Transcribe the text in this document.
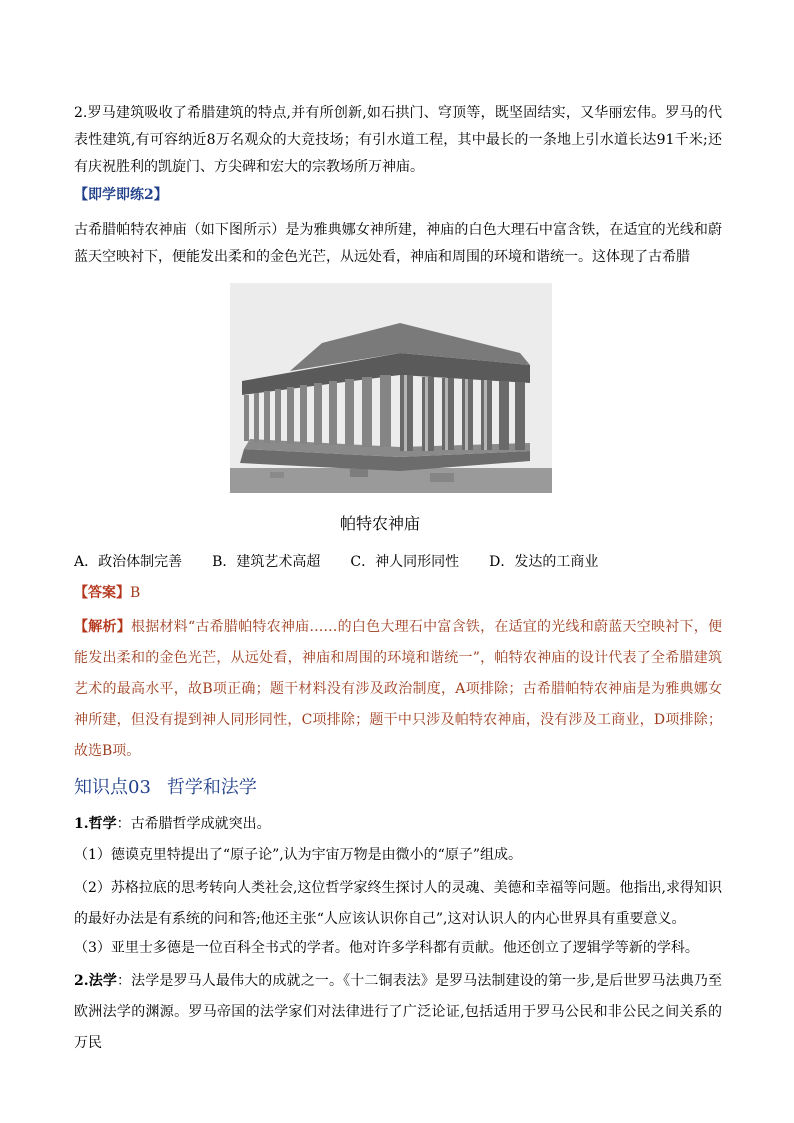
2.罗马建筑吸收了希腊建筑的特点,并有所创新,如石拱门、穹顶等，既坚固结实，又华丽宏伟。罗马的代表性建筑,有可容纳近8万名观众的大竞技场；有引水道工程，其中最长的一条地上引水道长达91千米;还有庆祝胜利的凯旋门、方尖碑和宏大的宗教场所万神庙。

【即学即练2】

古希腊帕特农神庙（如下图所示）是为雅典娜女神所建，神庙的白色大理石中富含铁，在适宜的光线和蔚蓝天空映衬下，便能发出柔和的金色光芒，从远处看，神庙和周围的环境和谐统一。这体现了古希腊

帕特农神庙

A．政治体制完善 B．建筑艺术高超 C．神人同形同性 D．发达的工商业

【答案】B

【解析】根据材料“古希腊帕特农神庙……的白色大理石中富含铁，在适宜的光线和蔚蓝天空映衬下，便能发出柔和的金色光芒，从远处看，神庙和周围的环境和谐统一”，帕特农神庙的设计代表了全希腊建筑艺术的最高水平，故B项正确；题干材料没有涉及政治制度，A项排除；古希腊帕特农神庙是为雅典娜女神所建，但没有提到神人同形同性，C项排除；题干中只涉及帕特农神庙，没有涉及工商业，D项排除；故选B项。

知识点03 哲学和法学

1.哲学：古希腊哲学成就突出。

（1）德谟克里特提出了“原子论”,认为宇宙万物是由微小的“原子”组成。

（2）苏格拉底的思考转向人类社会,这位哲学家终生探讨人的灵魂、美德和幸福等问题。他指出,求得知识的最好办法是有系统的问和答;他还主张“人应该认识你自己”,这对认识人的内心世界具有重要意义。

（3）亚里士多德是一位百科全书式的学者。他对许多学科都有贡献。他还创立了逻辑学等新的学科。

2.法学：法学是罗马人最伟大的成就之一。《十二铜表法》是罗马法制建设的第一步,是后世罗马法典乃至欧洲法学的渊源。罗马帝国的法学家们对法律进行了广泛论证,包括适用于罗马公民和非公民之间关系的万民
